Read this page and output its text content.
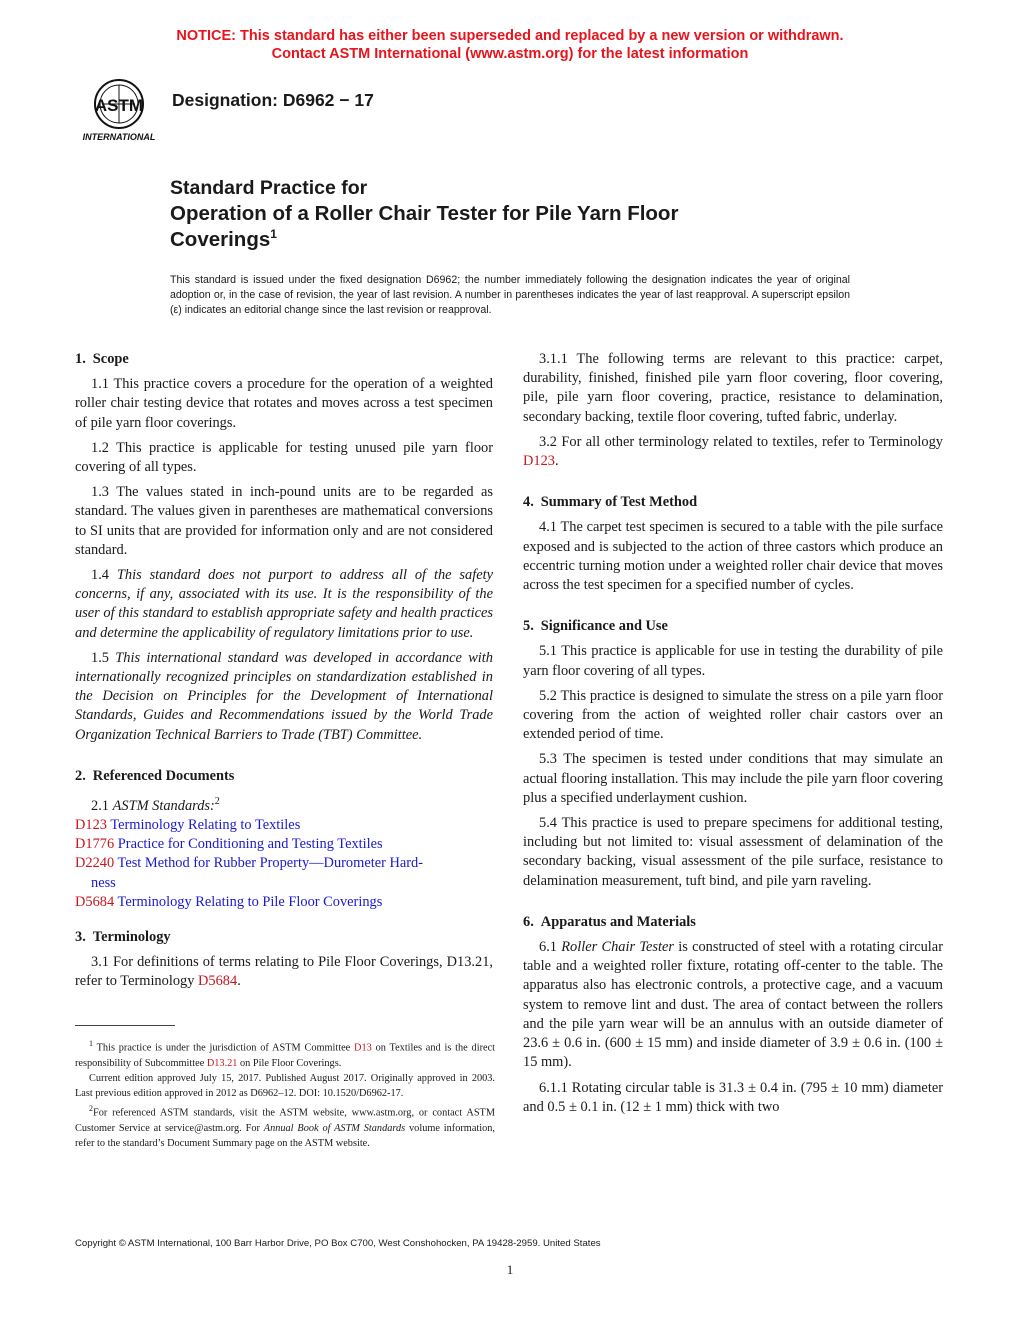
NOTICE: This standard has either been superseded and replaced by a new version or withdrawn.
Contact ASTM International (www.astm.org) for the latest information
ASTM
INTERNATIONAL
Designation: D6962 − 17
Standard Practice for
Operation of a Roller Chair Tester for Pile Yarn Floor
Coverings$^1$
This standard is issued under the fixed designation D6962; the number immediately following the designation indicates the year of original adoption or, in the case of revision, the year of last revision. A number in parentheses indicates the year of last reapproval. A superscript epsilon (ε) indicates an editorial change since the last revision or reapproval.
1. Scope
1.1 This practice covers a procedure for the operation of a weighted roller chair testing device that rotates and moves across a test specimen of pile yarn floor coverings.
1.2 This practice is applicable for testing unused pile yarn floor covering of all types.
1.3 The values stated in inch-pound units are to be regarded as standard. The values given in parentheses are mathematical conversions to SI units that are provided for information only and are not considered standard.
1.4 This standard does not purport to address all of the safety concerns, if any, associated with its use. It is the responsibility of the user of this standard to establish appropriate safety and health practices and determine the applicability of regulatory limitations prior to use.
1.5 This international standard was developed in accordance with internationally recognized principles on standardization established in the Decision on Principles for the Development of International Standards, Guides and Recommendations issued by the World Trade Organization Technical Barriers to Trade (TBT) Committee.
2. Referenced Documents
2.1 ASTM Standards:$^2$
D123 Terminology Relating to Textiles
D1776 Practice for Conditioning and Testing Textiles
D2240 Test Method for Rubber Property—Durometer Hard-
ness
D5684 Terminology Relating to Pile Floor Coverings
3. Terminology
3.1 For definitions of terms relating to Pile Floor Coverings, D13.21, refer to Terminology D5684.
3.1.1 The following terms are relevant to this practice: carpet, durability, finished, finished pile yarn floor covering, floor covering, pile, pile yarn floor covering, practice, resistance to delamination, secondary backing, textile floor covering, tufted fabric, underlay.
3.2 For all other terminology related to textiles, refer to Terminology D123.
4. Summary of Test Method
4.1 The carpet test specimen is secured to a table with the pile surface exposed and is subjected to the action of three castors which produce an eccentric turning motion under a weighted roller chair device that moves across the test specimen for a specified number of cycles.
5. Significance and Use
5.1 This practice is applicable for use in testing the durability of pile yarn floor covering of all types.
5.2 This practice is designed to simulate the stress on a pile yarn floor covering from the action of weighted roller chair castors over an extended period of time.
5.3 The specimen is tested under conditions that may simulate an actual flooring installation. This may include the pile yarn floor covering plus a specified underlayment cushion.
5.4 This practice is used to prepare specimens for additional testing, including but not limited to: visual assessment of delamination of the secondary backing, visual assessment of the pile surface, resistance to delamination measurement, tuft bind, and pile yarn raveling.
6. Apparatus and Materials
6.1 Roller Chair Tester is constructed of steel with a rotating circular table and a weighted roller fixture, rotating off-center to the table. The apparatus also has electronic controls, a protective cage, and a vacuum system to remove lint and dust. The area of contact between the rollers and the pile yarn wear will be an annulus with an outside diameter of 23.6 ± 0.6 in. (600 ± 15 mm) and inside diameter of 3.9 ± 0.6 in. (100 ± 15 mm).
6.1.1 Rotating circular table is 31.3 ± 0.4 in. (795 ± 10 mm) diameter and 0.5 ± 0.1 in. (12 ± 1 mm) thick with two
$^1$ This practice is under the jurisdiction of ASTM Committee D13 on Textiles and is the direct responsibility of Subcommittee D13.21 on Pile Floor Coverings.
Current edition approved July 15, 2017. Published August 2017. Originally approved in 2003. Last previous edition approved in 2012 as D6962–12. DOI: 10.1520/D6962-17.
$^2$For referenced ASTM standards, visit the ASTM website, www.astm.org, or contact ASTM Customer Service at service@astm.org. For Annual Book of ASTM Standards volume information, refer to the standard’s Document Summary page on the ASTM website.
Copyright © ASTM International, 100 Barr Harbor Drive, PO Box C700, West Conshohocken, PA 19428-2959. United States
1
